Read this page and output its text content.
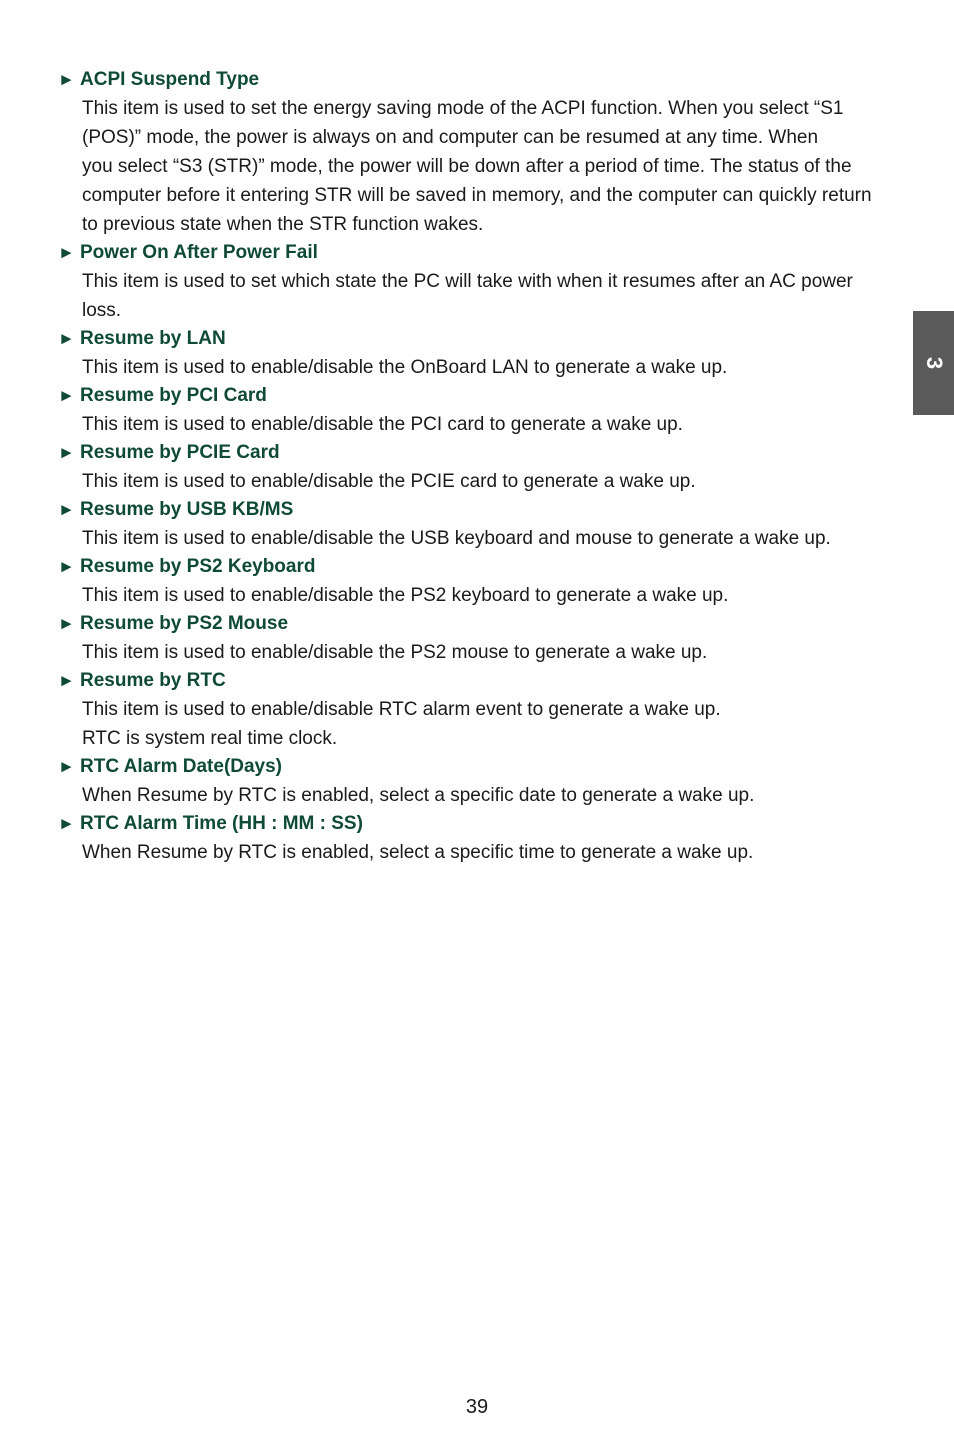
► ACPI Suspend Type

This item is used to set the energy saving mode of the ACPI function. When you select “S1

(POS)” mode, the power is always on and computer can be resumed at any time. When

you select “S3 (STR)” mode, the power will be down after a period of time. The status of the

computer before it entering STR will be saved in memory, and the computer can quickly return

to previous state when the STR function wakes.

► Power On After Power Fail

This item is used to set which state the PC will take with when it resumes after an AC power

loss.

► Resume by LAN

This item is used to enable/disable the OnBoard LAN to generate a wake up.

► Resume by PCI Card

This item is used to enable/disable the PCI card to generate a wake up.

► Resume by PCIE Card

This item is used to enable/disable the PCIE card to generate a wake up.

► Resume by USB KB/MS

This item is used to enable/disable the USB keyboard and mouse to generate a wake up.

► Resume by PS2 Keyboard

This item is used to enable/disable the PS2 keyboard to generate a wake up.

► Resume by PS2 Mouse

This item is used to enable/disable the PS2 mouse to generate a wake up.

► Resume by RTC

This item is used to enable/disable RTC alarm event to generate a wake up.

RTC is system real time clock.

► RTC Alarm Date(Days)

When Resume by RTC is enabled, select a specific date to generate a wake up.

► RTC Alarm Time (HH : MM : SS)

When Resume by RTC is enabled, select a specific time to generate a wake up.

3
39
